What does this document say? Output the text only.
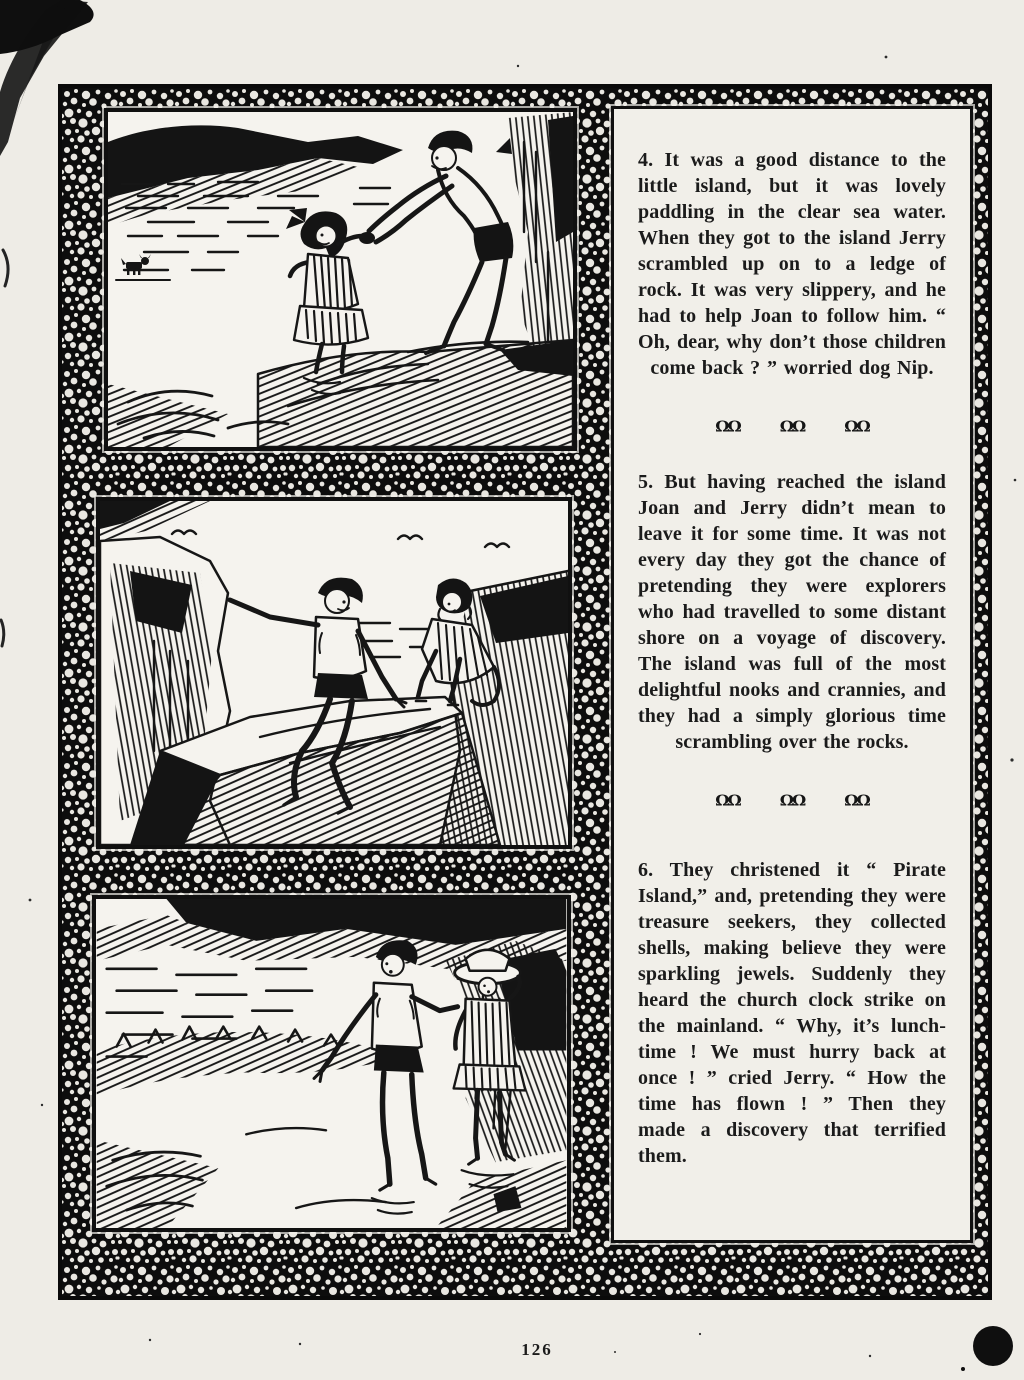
4. It was a good distance to the little island, but it was lovely paddling in the clear sea water. When they got to the island Jerry scrambled up on to a ledge of rock. It was very slippery, and he had to help Joan to follow him. “ Oh, dear, why don’t those children come back ? ” worried dog Nip.

ΩΩ	ΩΩ	ΩΩ

5. But having reached the island Joan and Jerry didn’t mean to leave it for some time. It was not every day they got the chance of pretending they were explorers who had travelled to some distant shore on a voyage of discovery. The island was full of the most delightful nooks and crannies, and they had a simply glorious time scrambling over the rocks.

ΩΩ	ΩΩ	ΩΩ

6. They christened it “ Pirate Island,” and, pretending they were treasure seekers, they collected shells, making believe they were sparkling jewels. Suddenly they heard the church clock strike on the mainland. “ Why, it’s lunch-time ! We must hurry back at once ! ” cried Jerry. “ How the time has flown ! ” Then they made a discovery that terrified them.

126
